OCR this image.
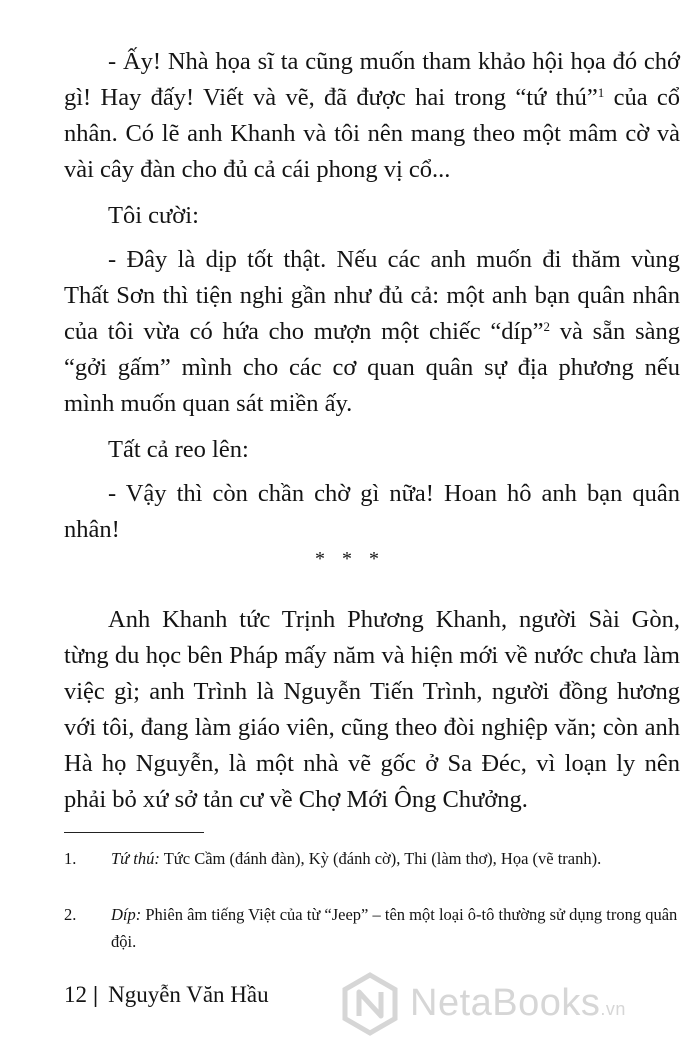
- Ấy! Nhà họa sĩ ta cũng muốn tham khảo hội họa đó chớ gì! Hay đấy! Viết và vẽ, đã được hai trong “tứ thú”$^1$ của cổ nhân. Có lẽ anh Khanh và tôi nên mang theo một mâm cờ và vài cây đàn cho đủ cả cái phong vị cổ...

Tôi cười:

- Đây là dịp tốt thật. Nếu các anh muốn đi thăm vùng Thất Sơn thì tiện nghi gần như đủ cả: một anh bạn quân nhân của tôi vừa có hứa cho mượn một chiếc “díp”$^2$ và sẵn sàng “gởi gấm” mình cho các cơ quan quân sự địa phương nếu mình muốn quan sát miền ấy.

Tất cả reo lên:

- Vậy thì còn chần chờ gì nữa! Hoan hô anh bạn quân nhân!

* * *

Anh Khanh tức Trịnh Phương Khanh, người Sài Gòn, từng du học bên Pháp mấy năm và hiện mới về nước chưa làm việc gì; anh Trình là Nguyễn Tiến Trình, người đồng hương với tôi, đang làm giáo viên, cũng theo đòi nghiệp văn; còn anh Hà họ Nguyễn, là một nhà vẽ gốc ở Sa Đéc, vì loạn ly nên phải bỏ xứ sở tản cư về Chợ Mới Ông Chưởng.

1.	Tứ thú: Tức Cầm (đánh đàn), Kỳ (đánh cờ), Thi (làm thơ), Họa (vẽ tranh).
2.	Díp: Phiên âm tiếng Việt của từ “Jeep” – tên một loại ô-tô thường sử dụng trong quân đội.
12 | Nguyễn Văn Hầu	NetaBooks.vn
